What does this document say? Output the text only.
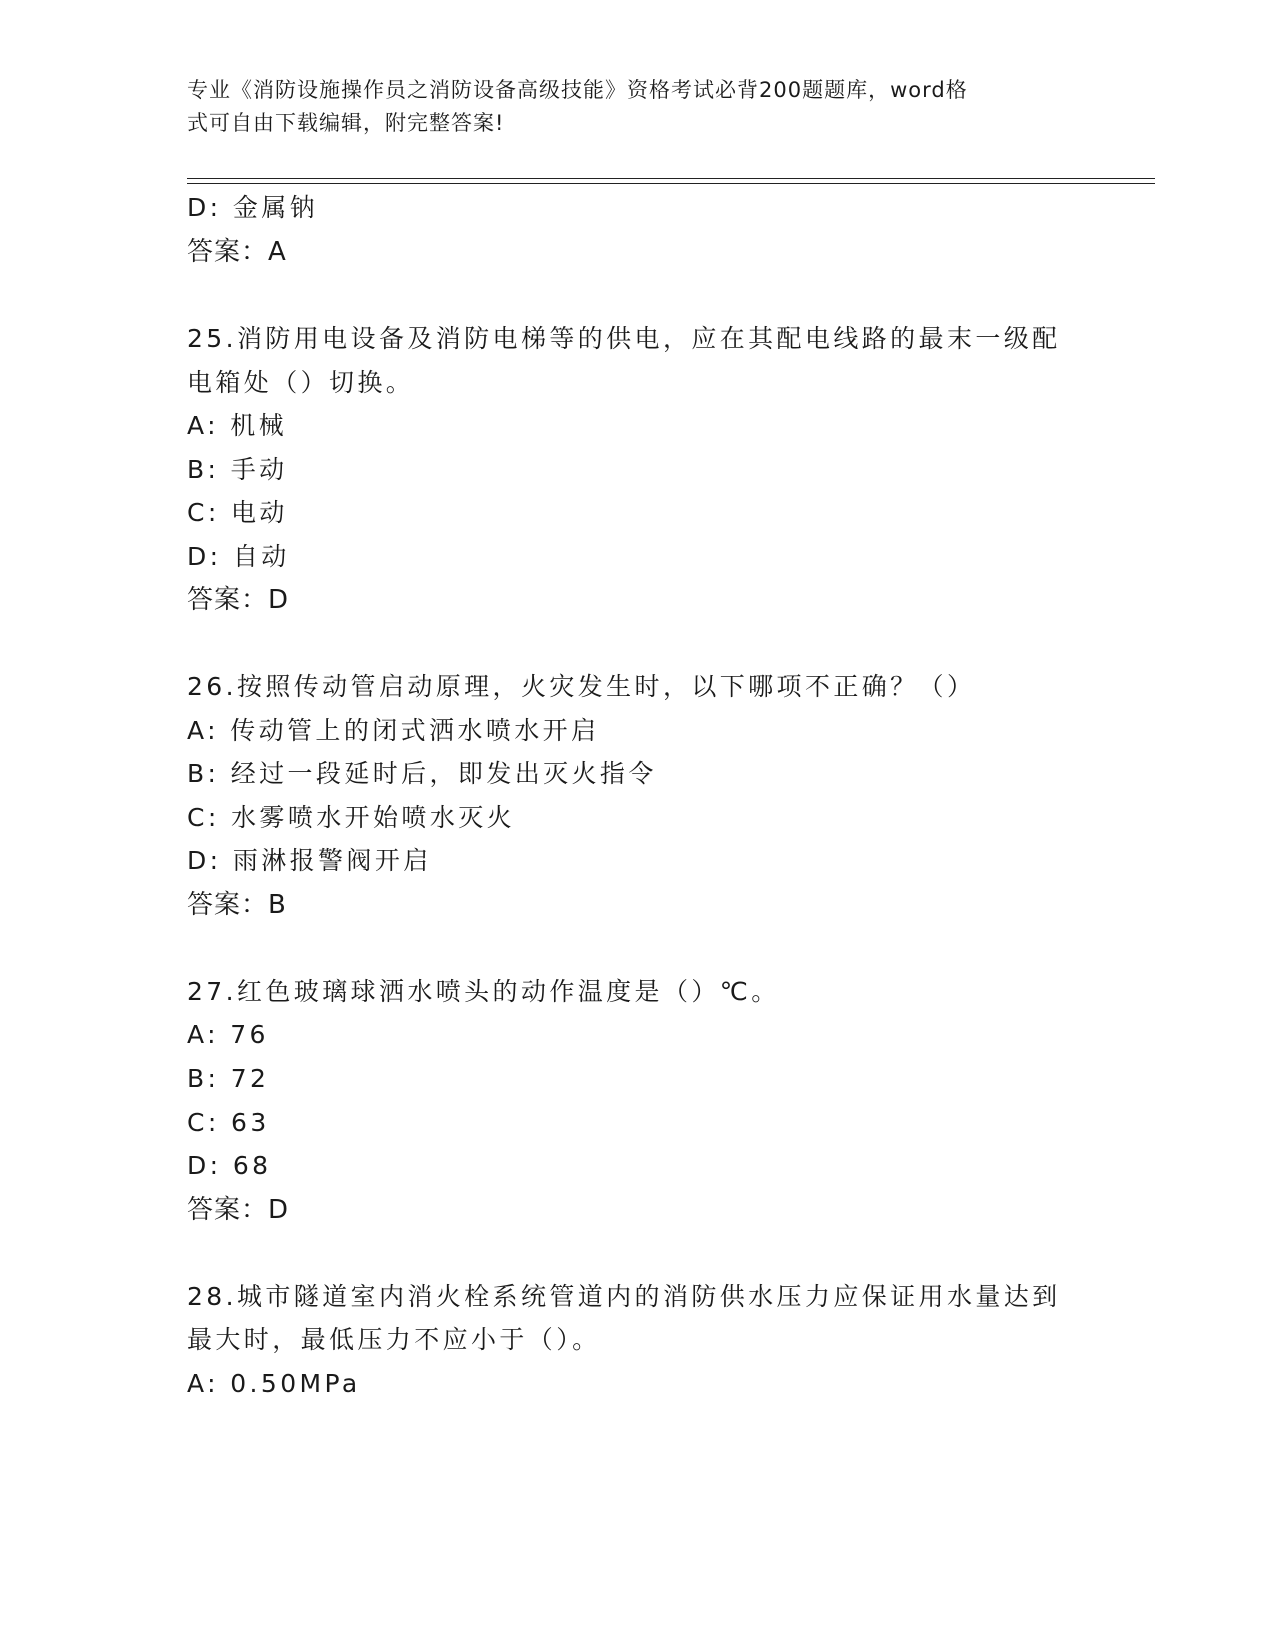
专业《消防设施操作员之消防设备高级技能》资格考试必背200题题库，word格
式可自由下载编辑，附完整答案!
D: 金属钠
答案：A
25.消防用电设备及消防电梯等的供电，应在其配电线路的最末一级配
电箱处（）切换。
A: 机械
B: 手动
C: 电动
D: 自动
答案：D
26.按照传动管启动原理，火灾发生时，以下哪项不正确？（）
A: 传动管上的闭式洒水喷水开启
B: 经过一段延时后，即发出灭火指令
C: 水雾喷水开始喷水灭火
D: 雨淋报警阀开启
答案：B
27.红色玻璃球洒水喷头的动作温度是（）℃。
A: 76
B: 72
C: 63
D: 68
答案：D
28.城市隧道室内消火栓系统管道内的消防供水压力应保证用水量达到
最大时，最低压力不应小于（）。
A: 0.50MPa
